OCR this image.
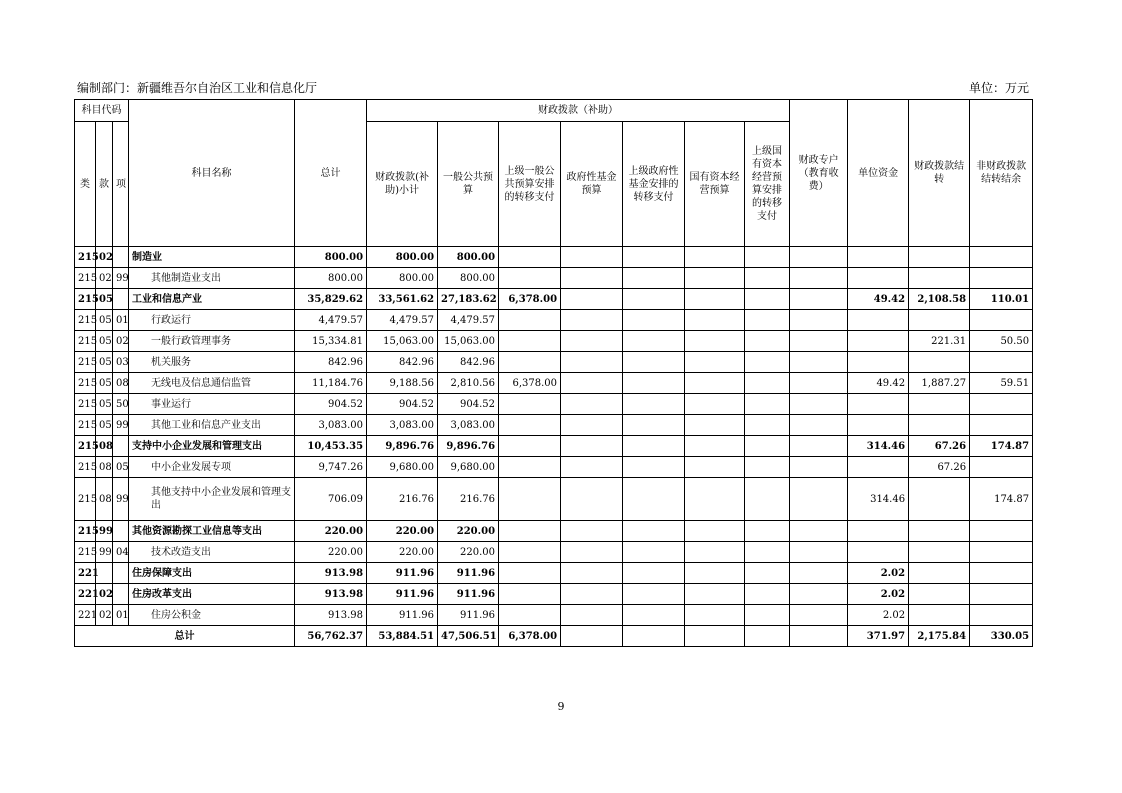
编制部门：新疆维吾尔自治区工业和信息化厅	单位：万元
科目代码			科目名称	总计	财政拨款（补助）							财政专户（教育收费）	单位资金	财政拨款结转	非财政拨款结转结余
类	款	项			财政拨款(补助)小计	一般公共预算	上级一般公共预算安排的转移支付	政府性基金预算	上级政府性基金安排的转移支付	国有资本经营预算	上级国有资本经营预算安排的转移支付				
215	02		制造业	800.00	800.00	800.00									
215	02	99	其他制造业支出	800.00	800.00	800.00									
215	05		工业和信息产业	35,829.62	33,561.62	27,183.62	6,378.00						49.42	2,108.58	110.01
215	05	01	行政运行	4,479.57	4,479.57	4,479.57									
215	05	02	一般行政管理事务	15,334.81	15,063.00	15,063.00								221.31	50.50
215	05	03	机关服务	842.96	842.96	842.96									
215	05	08	无线电及信息通信监管	11,184.76	9,188.56	2,810.56	6,378.00						49.42	1,887.27	59.51
215	05	50	事业运行	904.52	904.52	904.52									
215	05	99	其他工业和信息产业支出	3,083.00	3,083.00	3,083.00									
215	08		支持中小企业发展和管理支出	10,453.35	9,896.76	9,896.76							314.46	67.26	174.87
215	08	05	中小企业发展专项	9,747.26	9,680.00	9,680.00								67.26	
215	08	99	其他支持中小企业发展和管理支出	706.09	216.76	216.76							314.46		174.87
215	99		其他资源勘探工业信息等支出	220.00	220.00	220.00									
215	99	04	技术改造支出	220.00	220.00	220.00									
221			住房保障支出	913.98	911.96	911.96							2.02		
221	02		住房改革支出	913.98	911.96	911.96							2.02		
221	02	01	住房公积金	913.98	911.96	911.96							2.02		
总计				56,762.37	53,884.51	47,506.51	6,378.00						371.97	2,175.84	330.05
9
